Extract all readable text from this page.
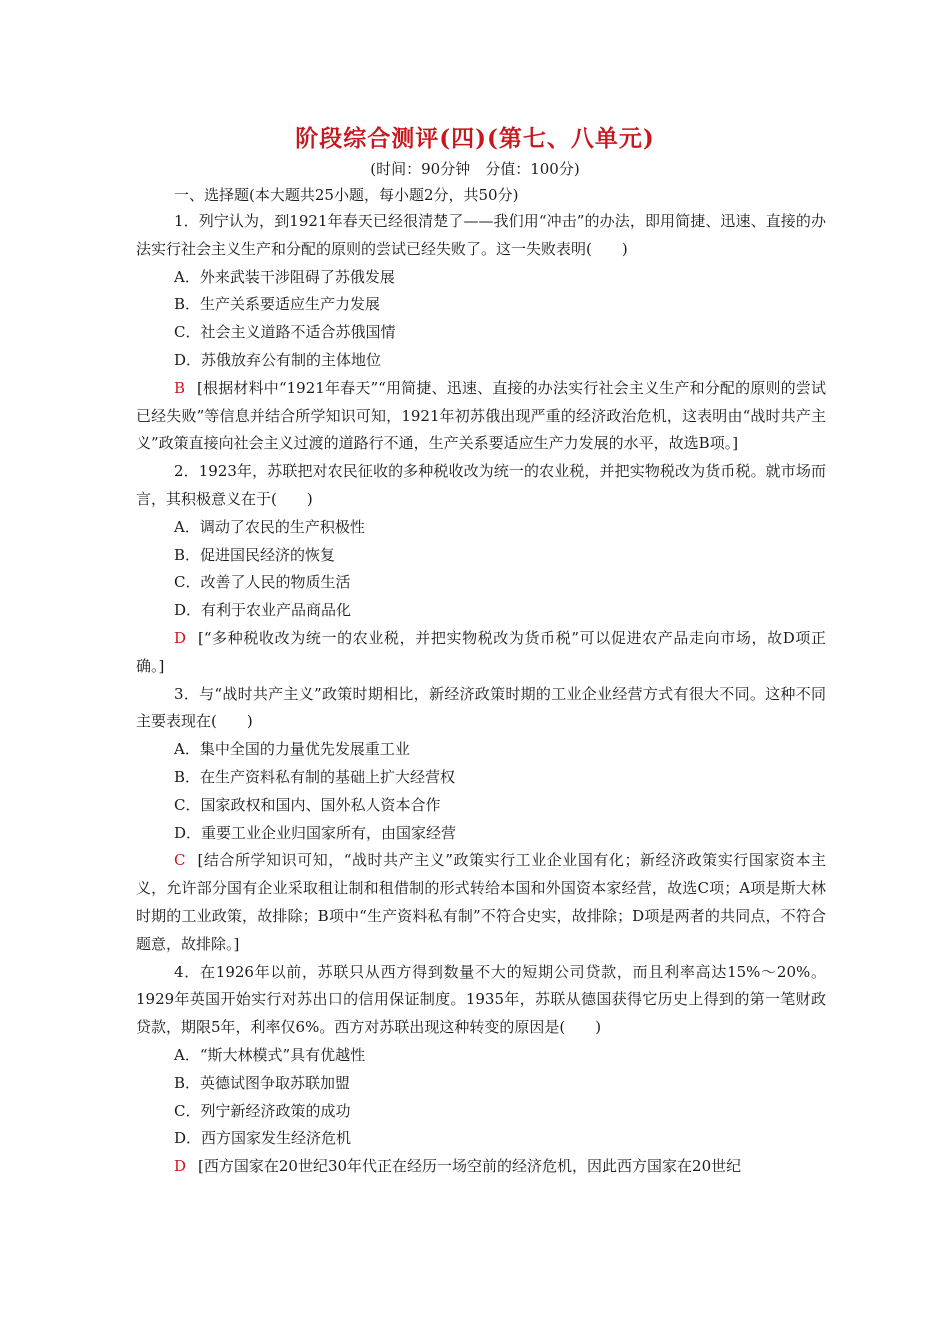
阶段综合测评(四)(第七、八单元)
(时间：90分钟　分值：100分)
一、选择题(本大题共25小题，每小题2分，共50分)

1．列宁认为，到1921年春天已经很清楚了——我们用“冲击”的办法，即用简捷、迅速、直接的办法实行社会主义生产和分配的原则的尝试已经失败了。这一失败表明(　　)

A．外来武装干涉阻碍了苏俄发展

B．生产关系要适应生产力发展

C．社会主义道路不适合苏俄国情

D．苏俄放弃公有制的主体地位

B [根据材料中“1921年春天”“用简捷、迅速、直接的办法实行社会主义生产和分配的原则的尝试已经失败”等信息并结合所学知识可知，1921年初苏俄出现严重的经济政治危机，这表明由“战时共产主义”政策直接向社会主义过渡的道路行不通，生产关系要适应生产力发展的水平，故选B项。]

2．1923年，苏联把对农民征收的多种税收改为统一的农业税，并把实物税改为货币税。就市场而言，其积极意义在于(　　)

A．调动了农民的生产积极性

B．促进国民经济的恢复

C．改善了人民的物质生活

D．有利于农业产品商品化

D [“多种税收改为统一的农业税，并把实物税改为货币税”可以促进农产品走向市场，故D项正确。]

3．与“战时共产主义”政策时期相比，新经济政策时期的工业企业经营方式有很大不同。这种不同主要表现在(　　)

A．集中全国的力量优先发展重工业

B．在生产资料私有制的基础上扩大经营权

C．国家政权和国内、国外私人资本合作

D．重要工业企业归国家所有，由国家经营

C [结合所学知识可知，“战时共产主义”政策实行工业企业国有化；新经济政策实行国家资本主义，允许部分国有企业采取租让制和租借制的形式转给本国和外国资本家经营，故选C项；A项是斯大林时期的工业政策，故排除；B项中“生产资料私有制”不符合史实，故排除；D项是两者的共同点，不符合题意，故排除。]

4．在1926年以前，苏联只从西方得到数量不大的短期公司贷款，而且利率高达15%～20%。1929年英国开始实行对苏出口的信用保证制度。1935年，苏联从德国获得它历史上得到的第一笔财政贷款，期限5年，利率仅6%。西方对苏联出现这种转变的原因是(　　)

A．“斯大林模式”具有优越性

B．英德试图争取苏联加盟

C．列宁新经济政策的成功

D．西方国家发生经济危机

D [西方国家在20世纪30年代正在经历一场空前的经济危机，因此西方国家在20世纪
